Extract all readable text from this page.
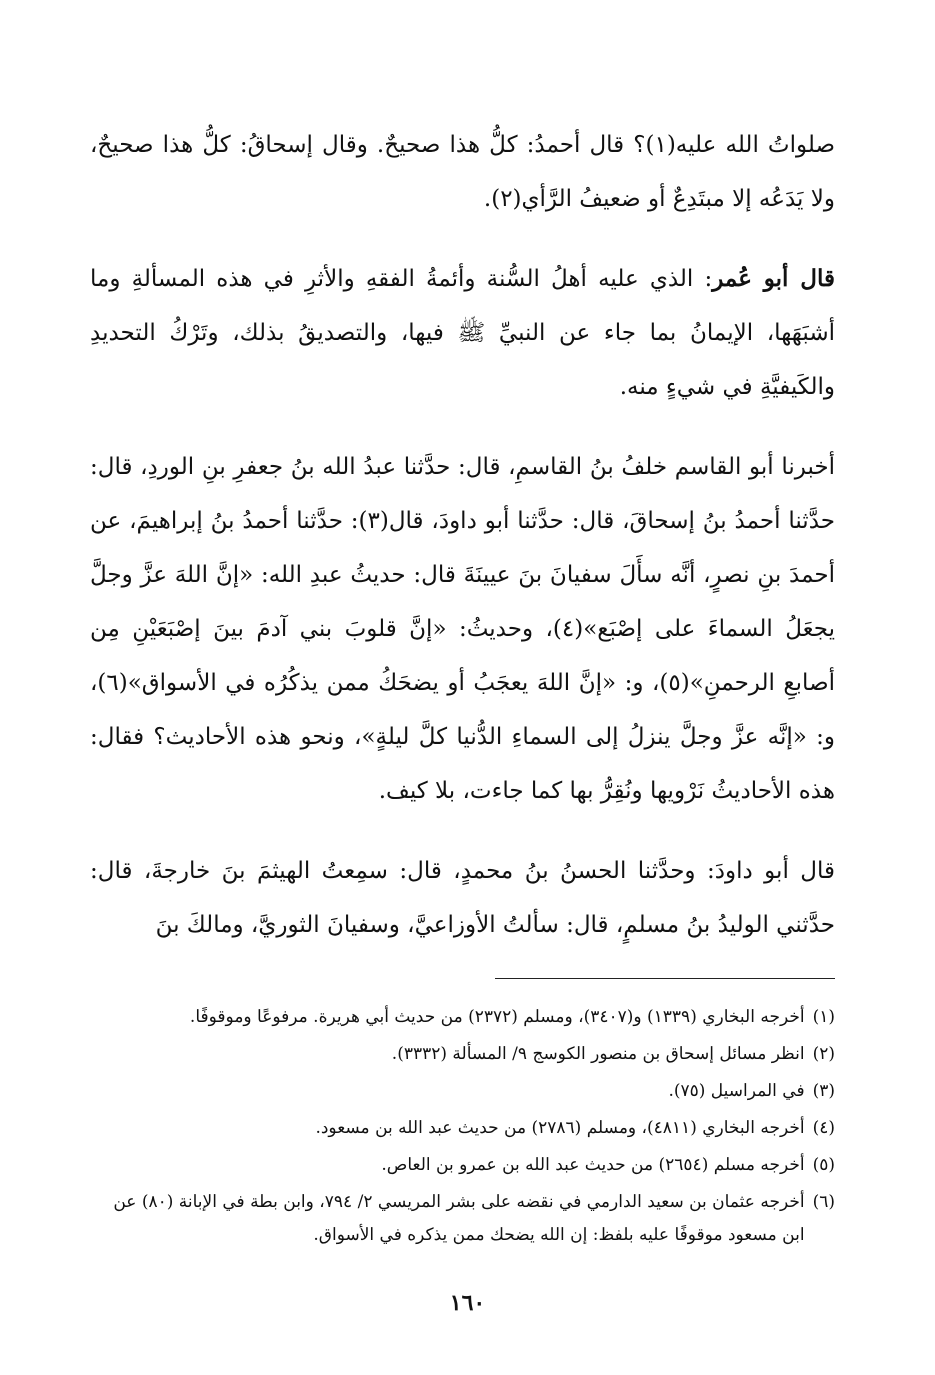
صلواتُ الله عليه(١)؟ قال أحمدُ: كلُّ هذا صحيحٌ. وقال إسحاقُ: كلُّ هذا صحيحٌ، ولا يَدَعُه إلا مبتَدِعٌ أو ضعيفُ الرَّأي(٢).

قال أبو عُمر: الذي عليه أهلُ السُّنة وأئمةُ الفقهِ والأثرِ في هذه المسألةِ وما أشبَهَها، الإيمانُ بما جاء عن النبيِّ ﷺ فيها، والتصديقُ بذلك، وتَرْكُ التحديدِ والكَيفيَّةِ في شيءٍ منه.

أخبرنا أبو القاسم خلفُ بنُ القاسمِ، قال: حدَّثنا عبدُ الله بنُ جعفرِ بنِ الوردِ، قال: حدَّثنا أحمدُ بنُ إسحاقَ، قال: حدَّثنا أبو داودَ، قال(٣): حدَّثنا أحمدُ بنُ إبراهيمَ، عن أحمدَ بنِ نصرٍ، أنَّه سأَلَ سفيانَ بنَ عيينَةَ قال: حديثُ عبدِ الله: «إنَّ اللهَ عزَّ وجلَّ يجعَلُ السماءَ على إصْبَع»(٤)، وحديثُ: «إنَّ قلوبَ بني آدمَ بينَ إصْبَعَيْنِ مِن أصابعِ الرحمنِ»(٥)، و: «إنَّ اللهَ يعجَبُ أو يضحَكُ ممن يذكُرُه في الأسواق»(٦)، و: «إنَّه عزَّ وجلَّ ينزلُ إلى السماءِ الدُّنيا كلَّ ليلةٍ»، ونحو هذه الأحاديث؟ فقال: هذه الأحاديثُ نَرْويها ونُقِرُّ بها كما جاءت، بلا كيف.

قال أبو داودَ: وحدَّثنا الحسنُ بنُ محمدٍ، قال: سمِعتُ الهيثمَ بنَ خارجةَ، قال: حدَّثني الوليدُ بنُ مسلمٍ، قال: سألتُ الأوزاعيَّ، وسفيانَ الثوريَّ، ومالكَ بنَ

(١)
أخرجه البخاري (١٣٣٩) و(٣٤٠٧)، ومسلم (٢٣٧٢) من حديث أبي هريرة. مرفوعًا وموقوفًا.
(٢)
انظر مسائل إسحاق بن منصور الكوسج ٩/ المسألة (٣٣٣٢).
(٣)
في المراسيل (٧٥).
(٤)
أخرجه البخاري (٤٨١١)، ومسلم (٢٧٨٦) من حديث عبد الله بن مسعود.
(٥)
أخرجه مسلم (٢٦٥٤) من حديث عبد الله بن عمرو بن العاص.
(٦)
أخرجه عثمان بن سعيد الدارمي في نقضه على بشر المريسي ٢/ ٧٩٤، وابن بطة في الإبانة (٨٠) عن ابن مسعود موقوفًا عليه بلفظ: إن الله يضحك ممن يذكره في الأسواق.
١٦٠
